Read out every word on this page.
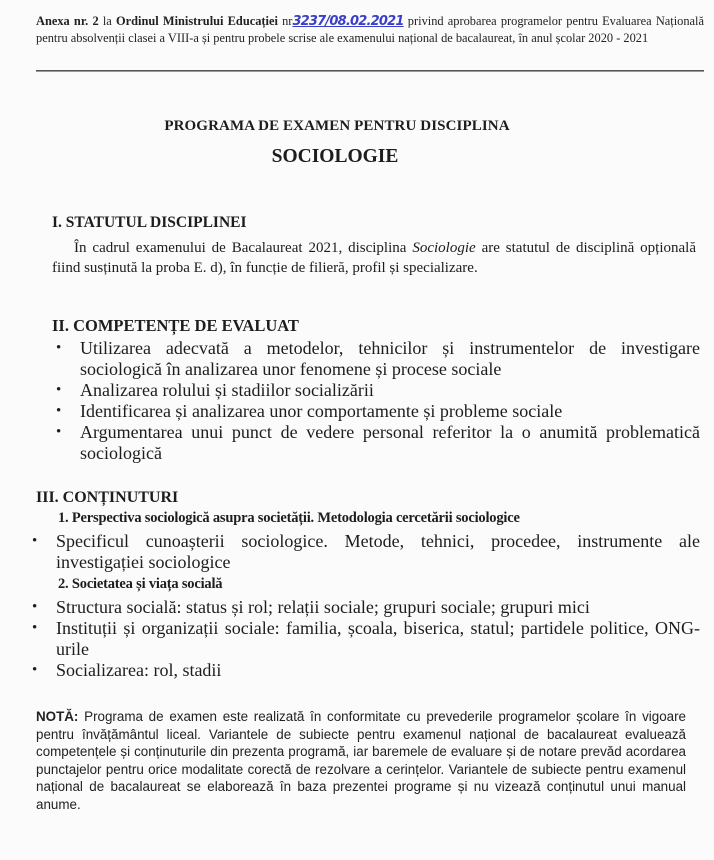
Anexa nr. 2 la Ordinul Ministrului Educației nr3237/08.02.2021 privind aprobarea programelor pentru Evaluarea Națională pentru absolvenții clasei a VIII-a și pentru probele scrise ale examenului național de bacalaureat, în anul școlar 2020 - 2021
PROGRAMA DE EXAMEN PENTRU DISCIPLINA
SOCIOLOGIE
I. STATUTUL DISCIPLINEI
În cadrul examenului de Bacalaureat 2021, disciplina Sociologie are statutul de disciplină opțională fiind susținută la proba E. d), în funcție de filieră, profil și specializare.
II. COMPETENȚE DE EVALUAT
• Utilizarea adecvată a metodelor, tehnicilor și instrumentelor de investigare sociologică în analizarea unor fenomene și procese sociale
• Analizarea rolului și stadiilor socializării
• Identificarea și analizarea unor comportamente și probleme sociale
• Argumentarea unui punct de vedere personal referitor la o anumită problematică sociologică
III. CONȚINUTURI
1. Perspectiva sociologică asupra societății. Metodologia cercetării sociologice
• Specificul cunoașterii sociologice. Metode, tehnici, procedee, instrumente ale investigației sociologice
2. Societatea și viața socială
• Structura socială: status și rol; relații sociale; grupuri sociale; grupuri mici
• Instituții și organizații sociale: familia, școala, biserica, statul; partidele politice, ONG-urile
• Socializarea: rol, stadii
NOTĂ: Programa de examen este realizată în conformitate cu prevederile programelor școlare în vigoare pentru învățământul liceal. Variantele de subiecte pentru examenul național de bacalaureat evaluează competențele și conținuturile din prezenta programă, iar baremele de evaluare și de notare prevăd acordarea punctajelor pentru orice modalitate corectă de rezolvare a cerințelor. Variantele de subiecte pentru examenul național de bacalaureat se elaborează în baza prezentei programe și nu vizează conținutul unui manual anume.
